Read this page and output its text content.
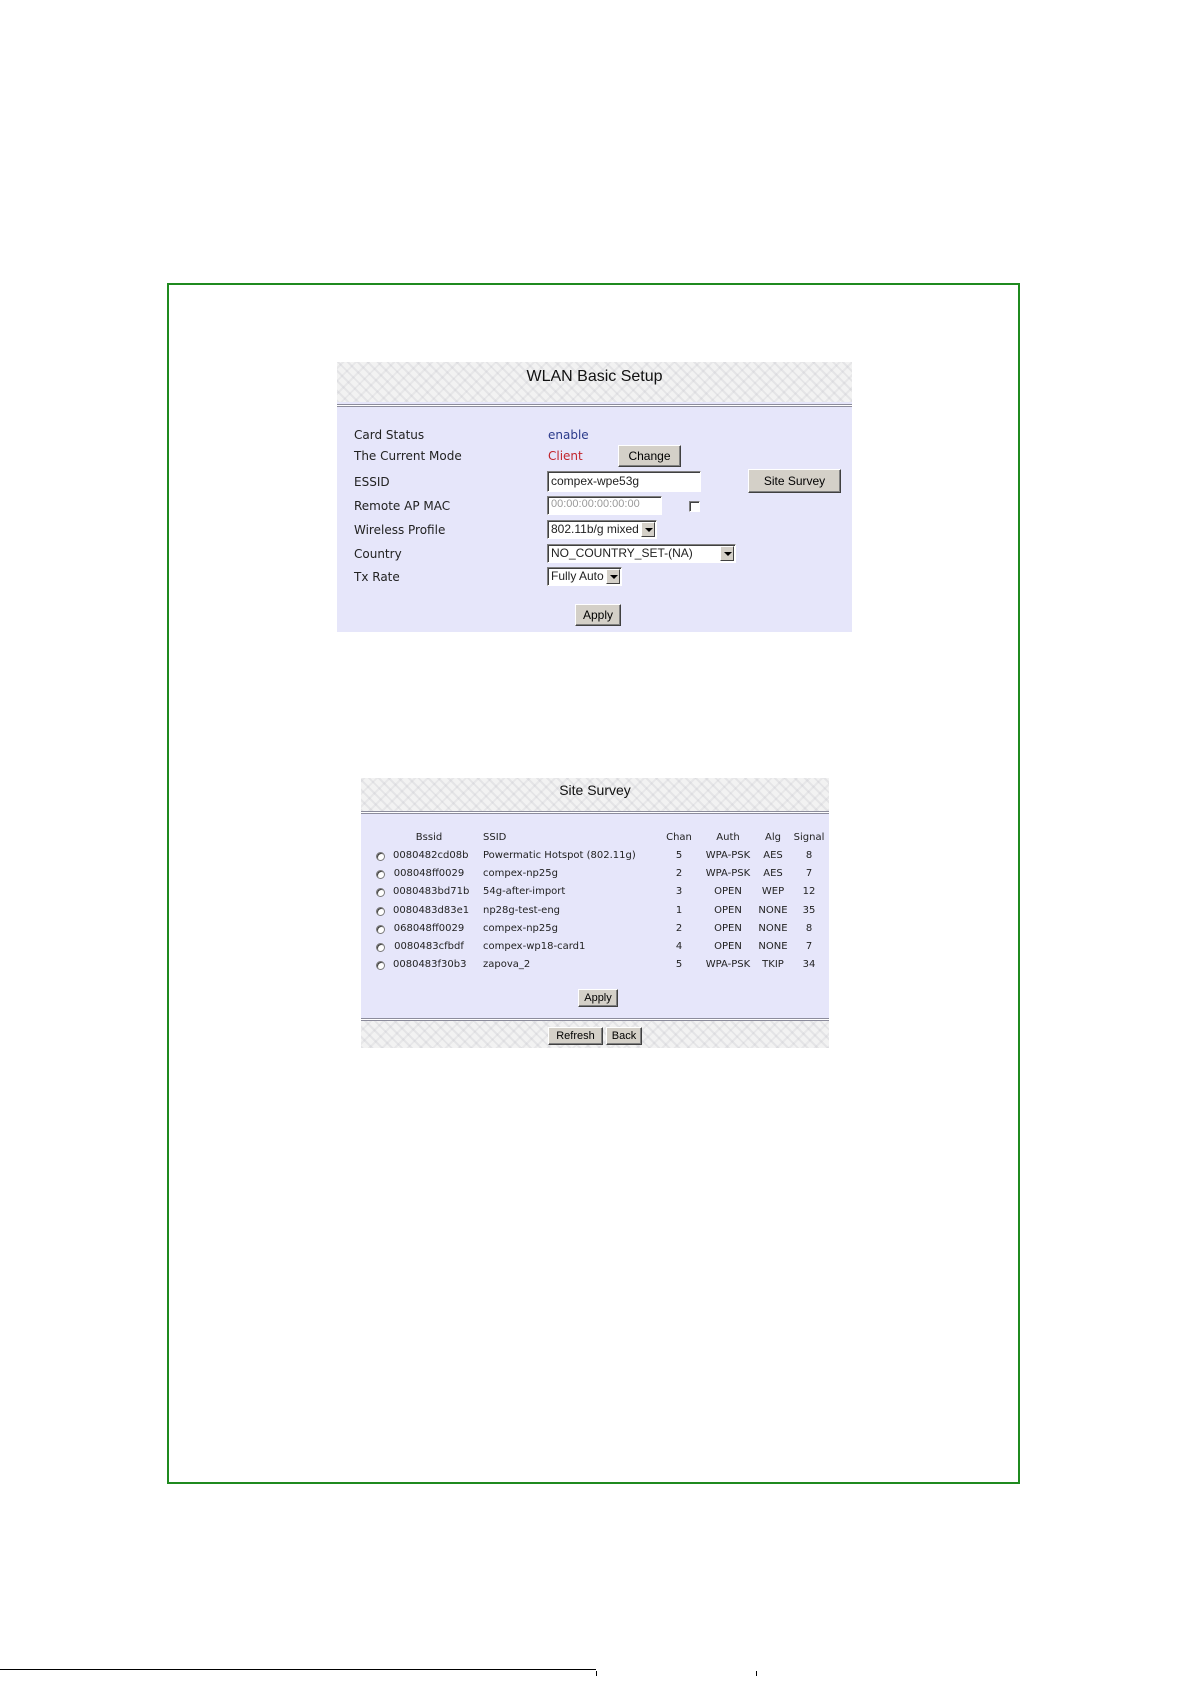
WLAN Basic Setup
Card Status	enable
The Current Mode	Client	Change
ESSID	compex-wpe53g	Site Survey
Remote AP MAC	00:00:00:00:00:00
Wireless Profile	802.11b/g mixed
Country	NO_COUNTRY_SET-(NA)
Tx Rate	Fully Auto
Apply
Site Survey
Bssid	SSID	Chan	Auth	Alg	Signal
0080482cd08b Powermatic Hotspot (802.11g)	5	WPA-PSK	AES	8
008048ff0029 compex-np25g	2	WPA-PSK	AES	7
0080483bd71b 54g-after-import	3	OPEN	WEP	12
0080483d83e1 np28g-test-eng	1	OPEN	NONE	35
068048ff0029 compex-np25g	2	OPEN	NONE	8
0080483cfbdf compex-wp18-card1	4	OPEN	NONE	7
0080483f30b3 zapova_2	5	WPA-PSK	TKIP	34
Apply
Refresh	Back
